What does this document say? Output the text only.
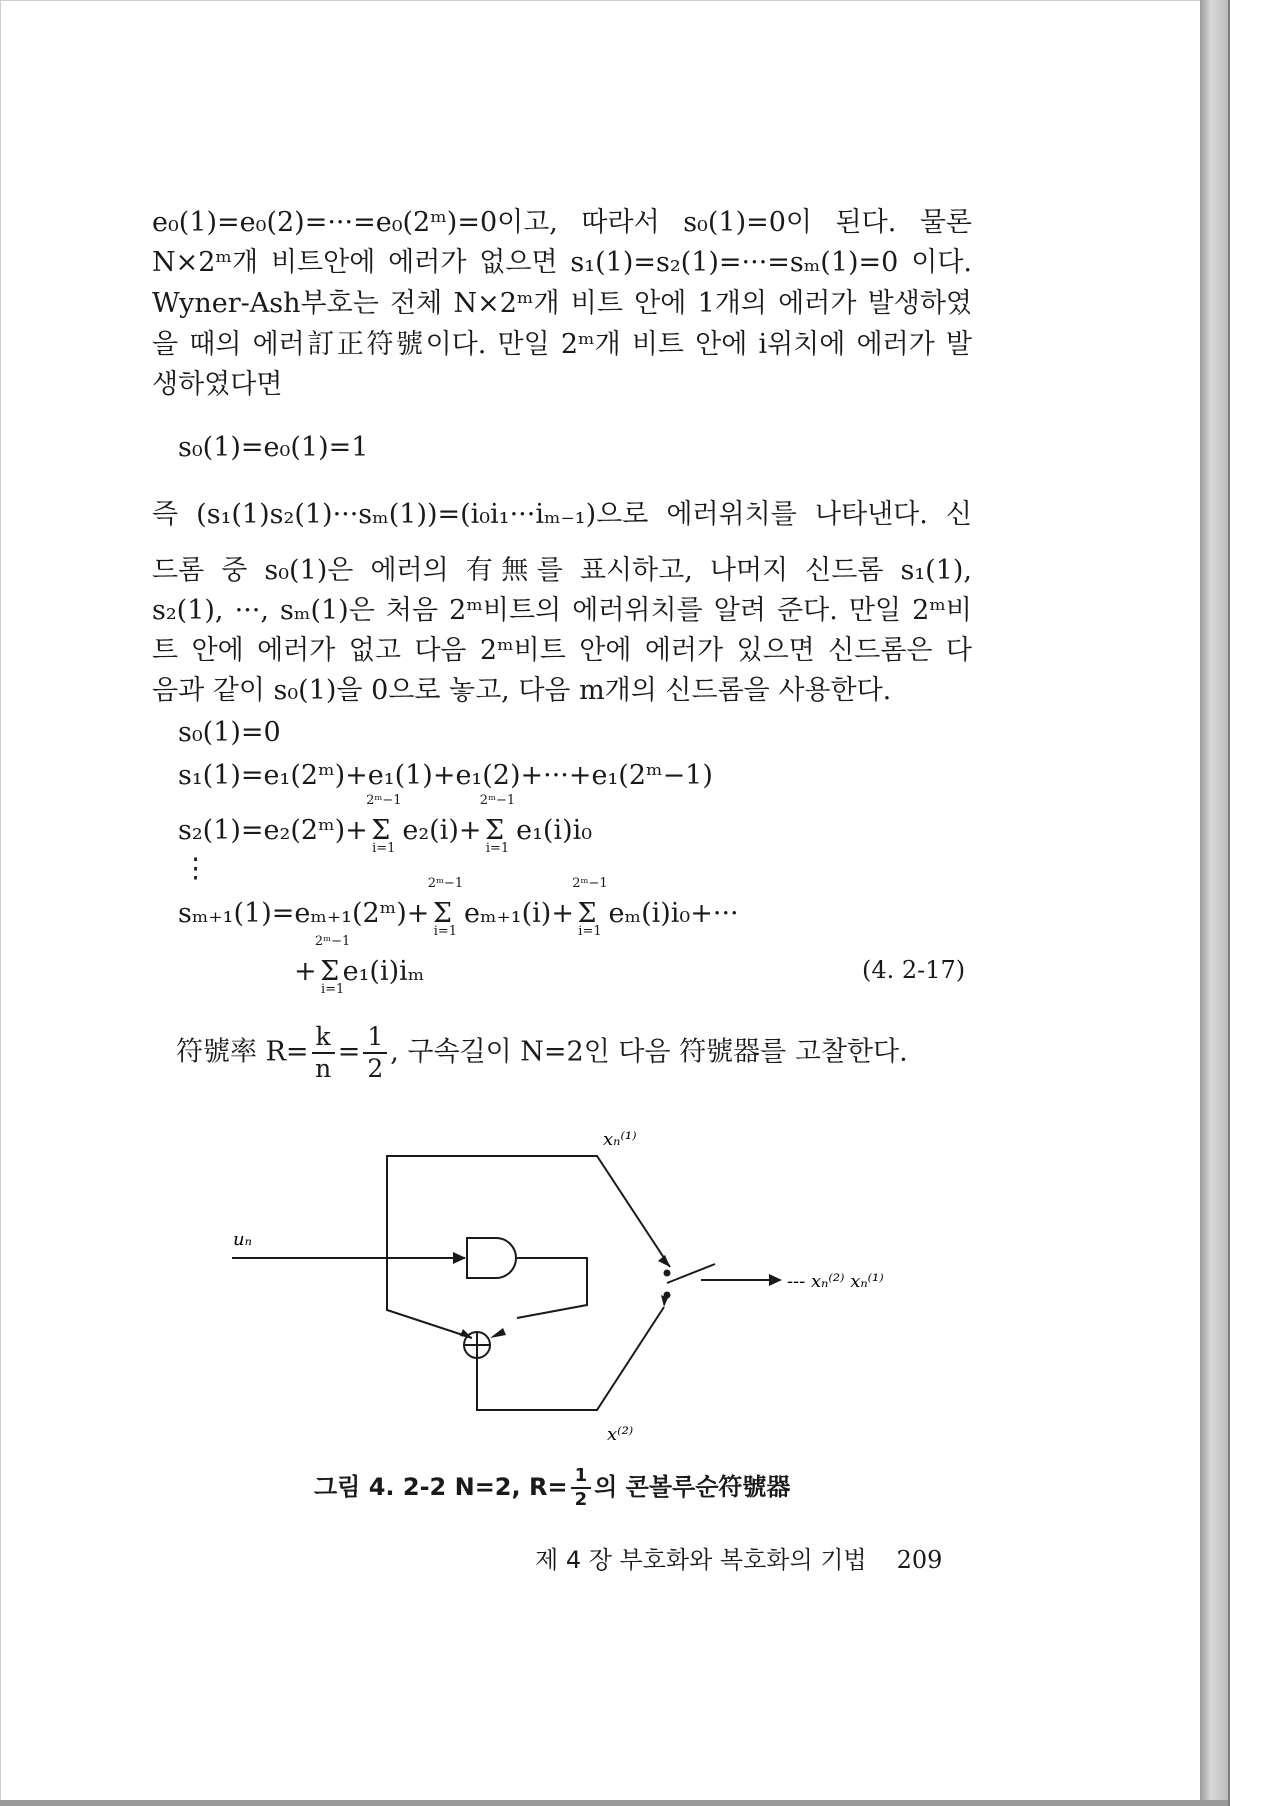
e₀(1)=e₀(2)=···=e₀(2ᵐ)=0이고, 따라서 s₀(1)=0이 된다. 물론
N×2ᵐ개 비트안에 에러가 없으면 s₁(1)=s₂(1)=···=sₘ(1)=0 이다.
Wyner-Ash부호는 전체 N×2ᵐ개 비트 안에 1개의 에러가 발생하였
을 때의 에러訂正符號이다. 만일 2ᵐ개 비트 안에 i위치에 에러가 발
생하였다면
s₀(1)=e₀(1)=1
즉 (s₁(1)s₂(1)···sₘ(1))=(i₀i₁···iₘ₋₁)으로 에러위치를 나타낸다. 신
드롬 중 s₀(1)은 에러의 有無를 표시하고, 나머지 신드롬 s₁(1),
s₂(1), ···, sₘ(1)은 처음 2ᵐ비트의 에러위치를 알려 준다. 만일 2ᵐ비
트 안에 에러가 없고 다음 2ᵐ비트 안에 에러가 있으면 신드롬은 다
음과 같이 s₀(1)을 0으로 놓고, 다음 m개의 신드롬을 사용한다.
s₀(1)=0
s₁(1)=e₁(2ᵐ)+e₁(1)+e₁(2)+···+e₁(2ᵐ−1)
s₂(1)=e₂(2ᵐ)+
2ᵐ−1
Σ
i=1
e₂(i)+
2ᵐ−1
Σ
i=1
e₁(i)i₀
⋮
sₘ₊₁(1)=eₘ₊₁(2ᵐ)+
2ᵐ−1
Σ
i=1
eₘ₊₁(i)+
2ᵐ−1
Σ
i=1
eₘ(i)i₀+···
+
2ᵐ−1
Σ
i=1
e₁(i)iₘ	(4. 2-17)
符號率 $R= \frac{k}{n} = \frac{1}{2}$ , 구속길이 N=2인 다음 符號器를 고찰한다.
uₙ
xₙ⁽¹⁾
x⁽²⁾
--- xₙ⁽²⁾ xₙ⁽¹⁾
그림 4. 2-2 N=2, $R= \frac{1}{2}$ 의 콘볼루순符號器
제 4 장 부호화와 복호화의 기법 209
